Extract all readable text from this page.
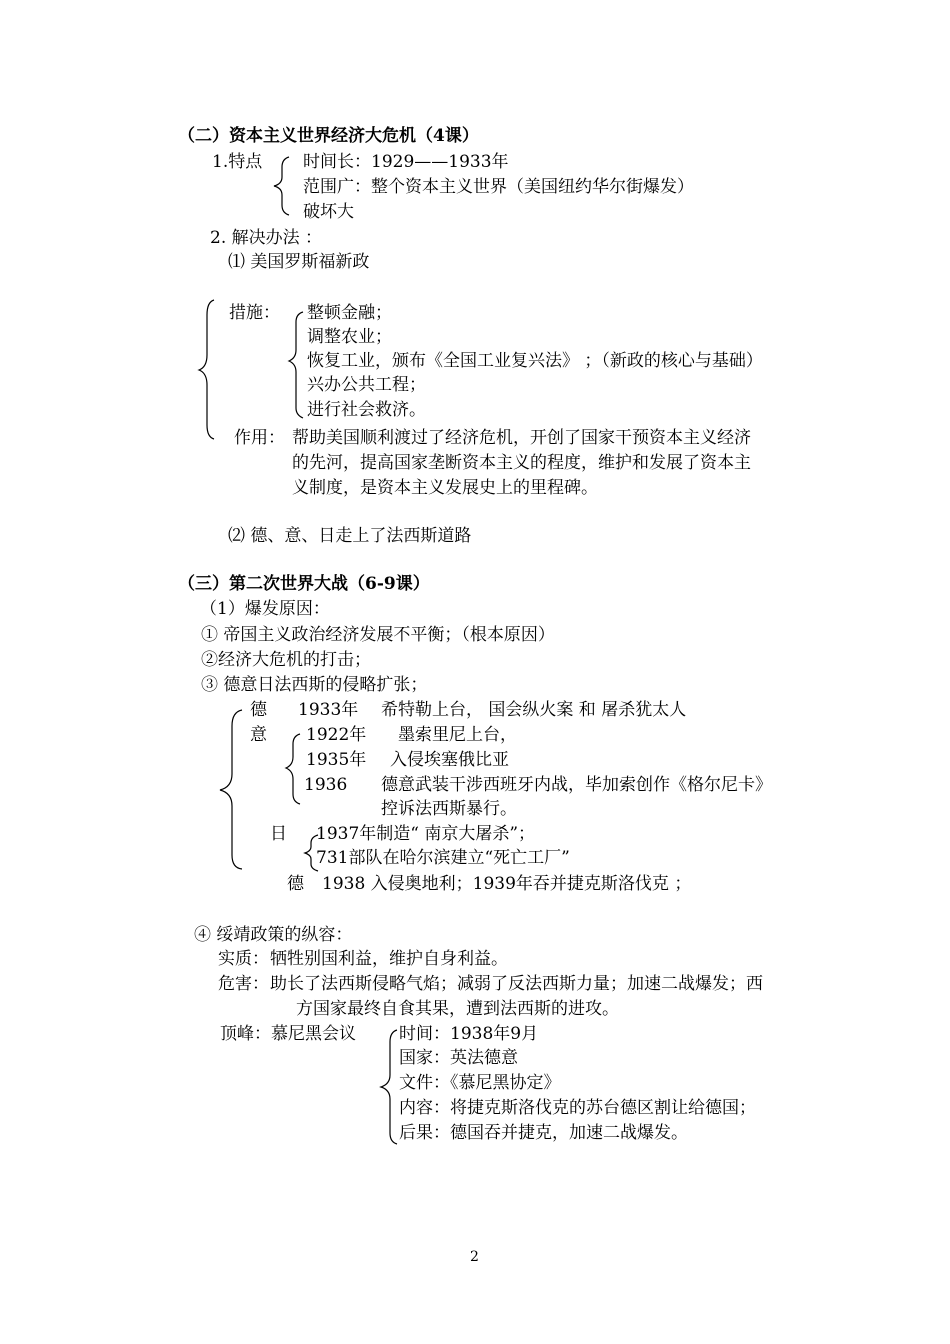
（二）资本主义世界经济大危机（4课）
1.特点 时间长：1929——1933年
范围广：整个资本主义世界（美国纽约华尔街爆发）
破坏大
2. 解决办法 ：
⑴ 美国罗斯福新政
措施： 整顿金融；
调整农业；
恢复工业，颁布《全国工业复兴法》 ；（新政的核心与基础）
兴办公共工程；
进行社会救济。
作用： 帮助美国顺利渡过了经济危机，开创了国家干预资本主义经济
的先河，提高国家垄断资本主义的程度，维护和发展了资本主
义制度，是资本主义发展史上的里程碑。
⑵ 德、意、日走上了法西斯道路
（三）第二次世界大战（6-9课）
（1）爆发原因：
① 帝国主义政治经济发展不平衡；（根本原因）
②经济大危机的打击；
③ 德意日法西斯的侵略扩张；
德 1933年 希特勒上台， 国会纵火案 和 屠杀犹太人
意 1922年 墨索里尼上台，
1935年 入侵埃塞俄比亚
1936 德意武装干涉西班牙内战，毕加索创作《格尔尼卡》
控诉法西斯暴行。
日 1937年制造“ 南京大屠杀”；
731部队在哈尔滨建立“死亡工厂”
德 1938 入侵奥地利；1939年吞并捷克斯洛伐克 ；
④ 绥靖政策的纵容：
实质： 牺牲别国利益，维护自身利益。
危害： 助长了法西斯侵略气焰；减弱了反法西斯力量；加速二战爆发；西
方国家最终自食其果，遭到法西斯的进攻。
顶峰：慕尼黑会议	时间：1938年9月
国家：英法德意
文件：《慕尼黑协定》
内容：将捷克斯洛伐克的苏台德区割让给德国；
后果：德国吞并捷克，加速二战爆发。
2
